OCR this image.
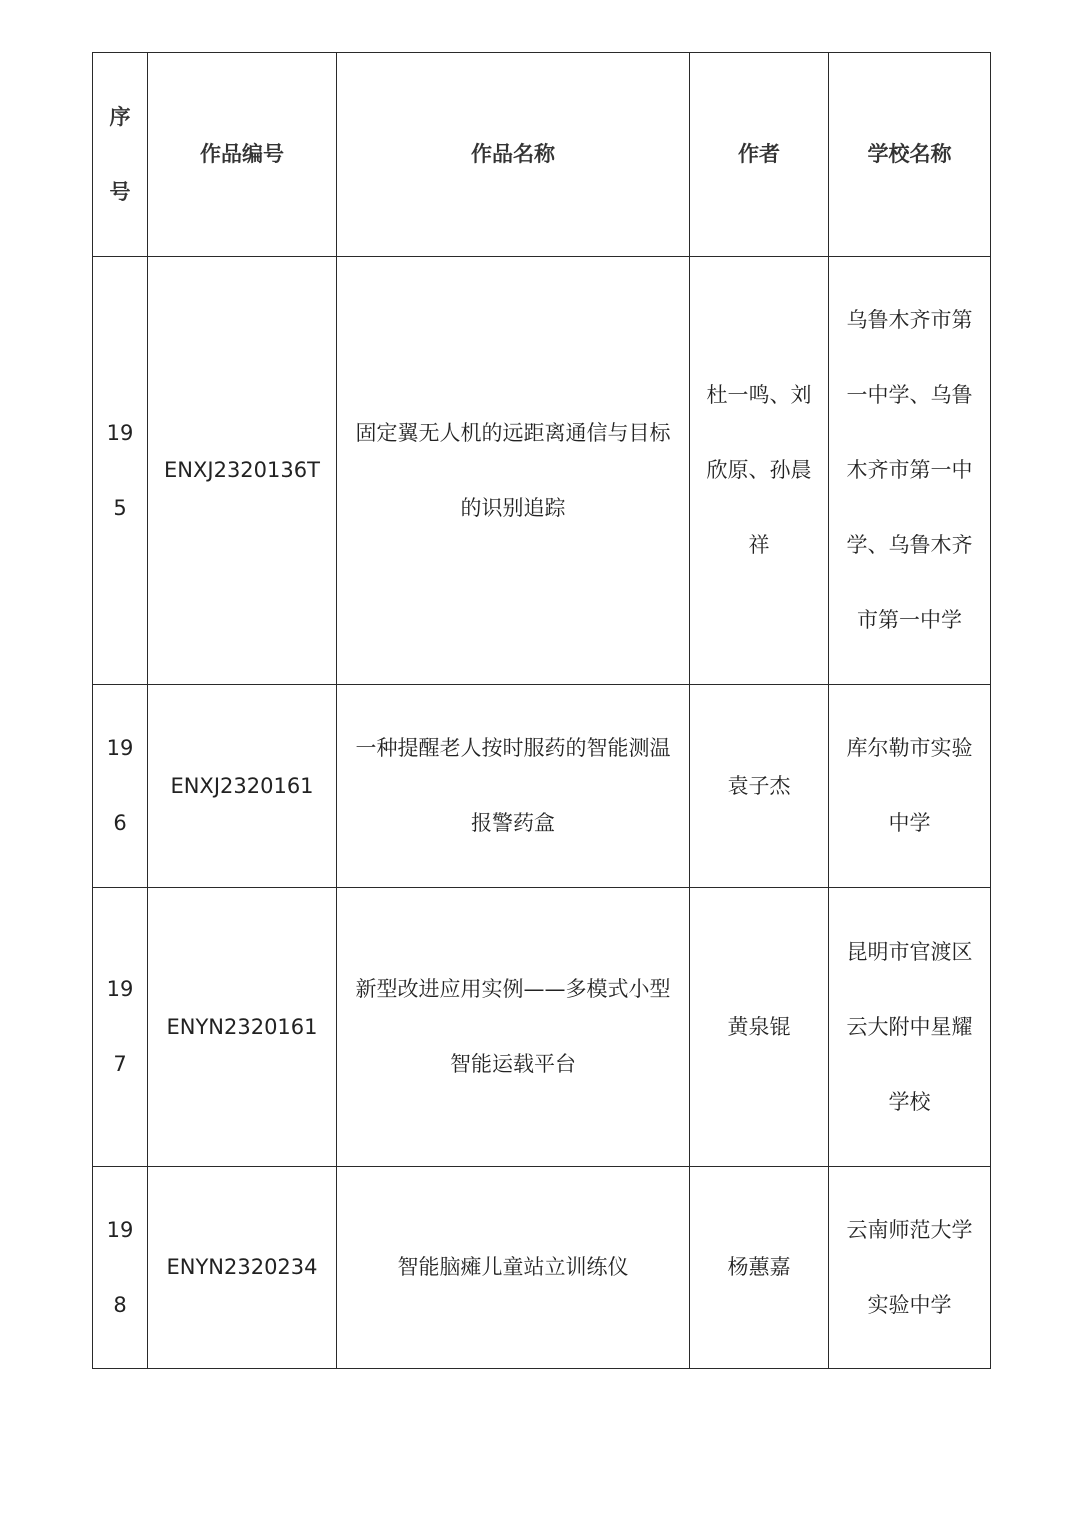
序号	作品编号	作品名称	作者	学校名称
195	ENXJ2320136T	固定翼无人机的远距离通信与目标的识别追踪	杜一鸣、刘欣原、孙晨祥	乌鲁木齐市第一中学、乌鲁木齐市第一中学、乌鲁木齐市第一中学
196	ENXJ2320161	一种提醒老人按时服药的智能测温报警药盒	袁子杰	库尔勒市实验中学
197	ENYN2320161	新型改进应用实例——多模式小型智能运载平台	黄泉锟	昆明市官渡区云大附中星耀学校
198	ENYN2320234	智能脑瘫儿童站立训练仪	杨蕙嘉	云南师范大学实验中学
